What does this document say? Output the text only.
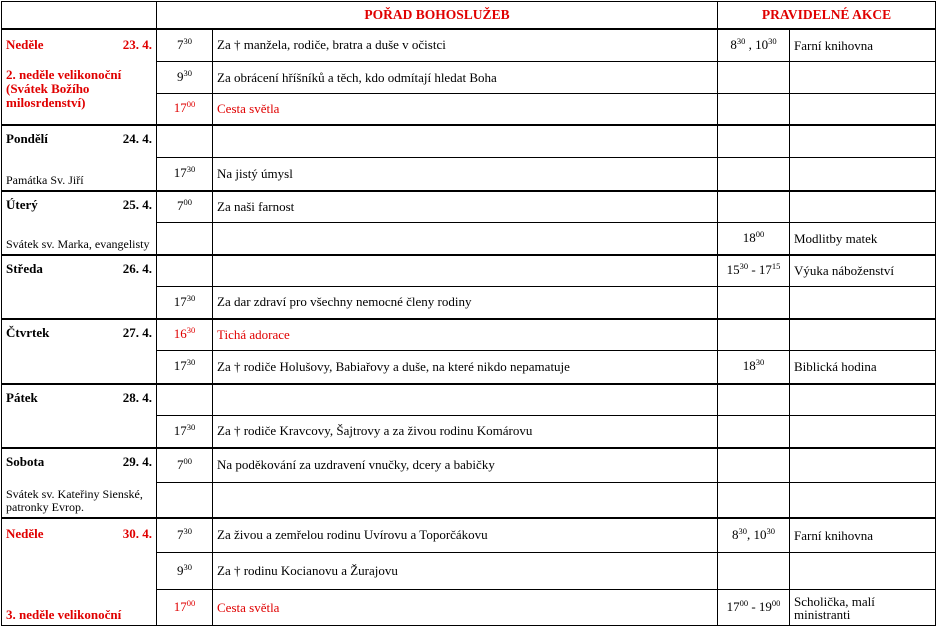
	POŘAD BOHOSLUŽEB		PRAVIDELNÉ AKCE	

Neděle 23. 4.
2. neděle velikonoční (Svátek Božího milosrdenství)	$7^{30}$	Za † manžela, rodiče, bratra a duše v očistci	$8^{30}$ , $10^{30}$	Farní knihovna
	$9^{30}$	Za obrácení hříšníků a těch, kdo odmítají hledat Boha		
	$17^{00}$	Cesta světla		

Pondělí 24. 4.
Památka Sv. Jiří				

	$17^{30}$	Na jistý úmysl		

Úterý 25. 4.
Svátek sv. Marka, evangelisty	$7^{00}$	Za naši farnost		
			$18^{00}$	Modlitby matek

Středa 26. 4.			$15^{30} - 17^{15}$	Výuka náboženství
	$17^{30}$	Za dar zdraví pro všechny nemocné členy rodiny		

Čtvrtek 27. 4.	$16^{30}$	Tichá adorace		
	$17^{30}$	Za † rodiče Holušovy, Babiařovy a duše, na které nikdo nepamatuje	$18^{30}$	Biblická hodina

Pátek 28. 4.				

	$17^{30}$	Za † rodiče Kravcovy, Šajtrovy a za živou rodinu Komárovu		

Sobota 29. 4.
Svátek sv. Kateřiny Sienské, patronky Evrop.	$7^{00}$	Na poděkování za uzdravení vnučky, dcery a babičky		

Neděle 30. 4.
3. neděle velikonoční	$7^{30}$	Za živou a zemřelou rodinu Uvírovu a Toporčákovu	$8^{30}$, $10^{30}$	Farní knihovna
	$9^{30}$	Za † rodinu Kocianovu a Žurajovu		
	$17^{00}$	Cesta světla	$17^{00} - 19^{00}$	Scholička, malí ministranti
